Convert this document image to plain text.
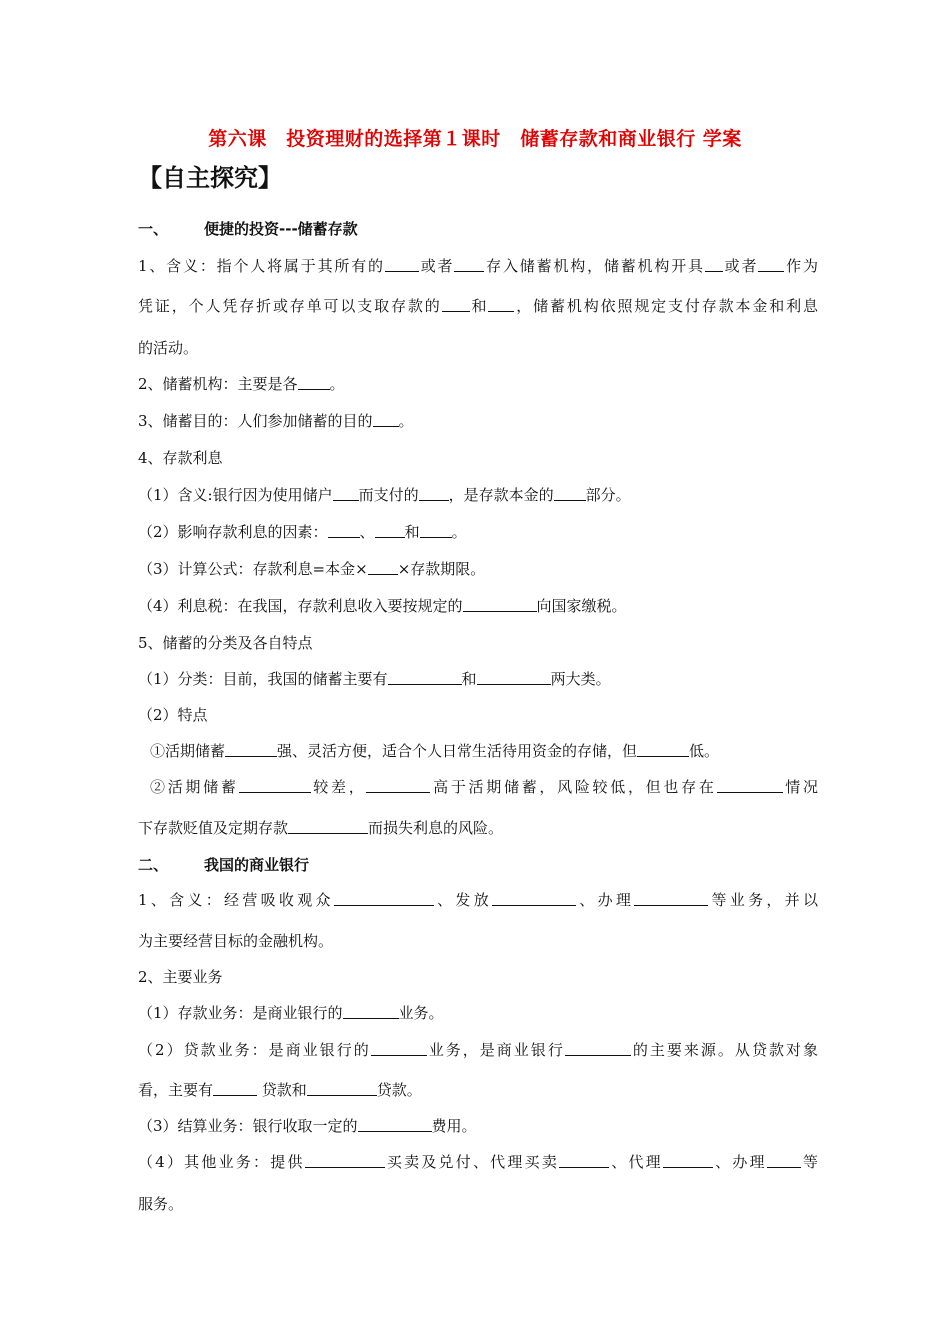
第六课　投资理财的选择第１课时　储蓄存款和商业银行 学案
【自主探究】
一、 便捷的投资---储蓄存款
1、含义：指个人将属于其所有的 或者 存入储蓄机构，储蓄机构开具 或者 作为
凭证，个人凭存折或存单可以支取存款的 和 ，储蓄机构依照规定支付存款本金和利息
的活动。
2、储蓄机构：主要是各 。
3、储蓄目的：人们参加储蓄的目的 。
4、存款利息
（1）含义:银行因为使用储户 而支付的 ，是存款本金的 部分。
（2）影响存款利息的因素： 、 和 。
（3）计算公式：存款利息=本金× ×存款期限。
（4）利息税：在我国，存款利息收入要按规定的	向国家缴税。
5、储蓄的分类及各自特点
（1）分类：目前，我国的储蓄主要有	和	两大类。
（2）特点
①活期储蓄	强、灵活方便，适合个人日常生活待用资金的存储，但	低。
②活期储蓄	较差，	高于活期储蓄，风险较低，但也存在	情况
下存款贬值及定期存款	而损失利息的风险。
二、 我国的商业银行
1、含义：经营吸收观众	、发放	、办理	等业务，并以
为主要经营目标的金融机构。
2、主要业务
（1）存款业务：是商业银行的	业务。
（2）贷款业务：是商业银行的	业务，是商业银行	的主要来源。从贷款对象
看，主要有	贷款和	贷款。
（3）结算业务：银行收取一定的	费用。
（4）其他业务：提供	买卖及兑付、代理买卖	、代理	、办理 等
服务。
